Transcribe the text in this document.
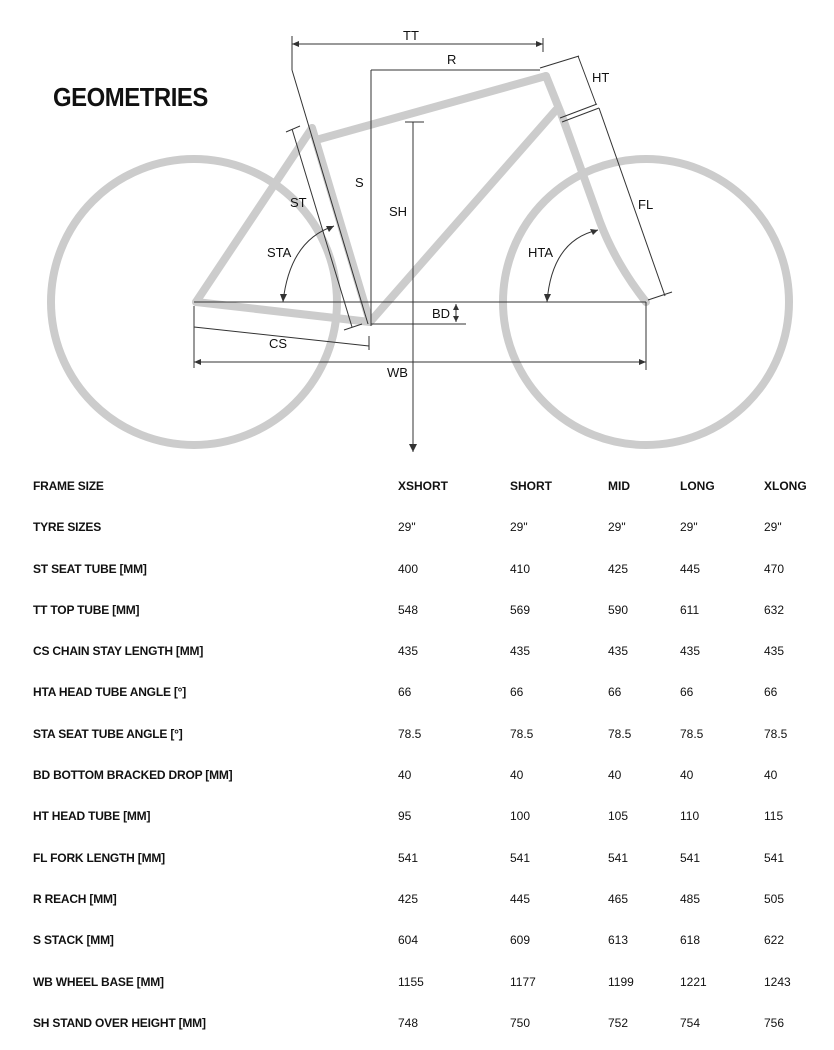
GEOMETRIES
TT
R
HT
S
SH
ST
STA	HTA
FL
BD
CS
WB
FRAME SIZE	XSHORT	SHORT	MID	LONG	XLONG
TYRE SIZES	29"	29"	29"	29"	29"
ST SEAT TUBE [MM]	400	410	425	445	470
TT TOP TUBE [MM]	548	569	590	611	632
CS CHAIN STAY LENGTH [MM]	435	435	435	435	435
HTA HEAD TUBE ANGLE [°]	66	66	66	66	66
STA SEAT TUBE ANGLE [°]	78.5	78.5	78.5	78.5	78.5
BD BOTTOM BRACKED DROP [MM]	40	40	40	40	40
HT HEAD TUBE [MM]	95	100	105	110	115
FL FORK LENGTH [MM]	541	541	541	541	541
R REACH [MM]	425	445	465	485	505
S STACK [MM]	604	609	613	618	622
WB WHEEL BASE [MM]	1155	1177	1199	1221	1243
SH STAND OVER HEIGHT [MM]	748	750	752	754	756
